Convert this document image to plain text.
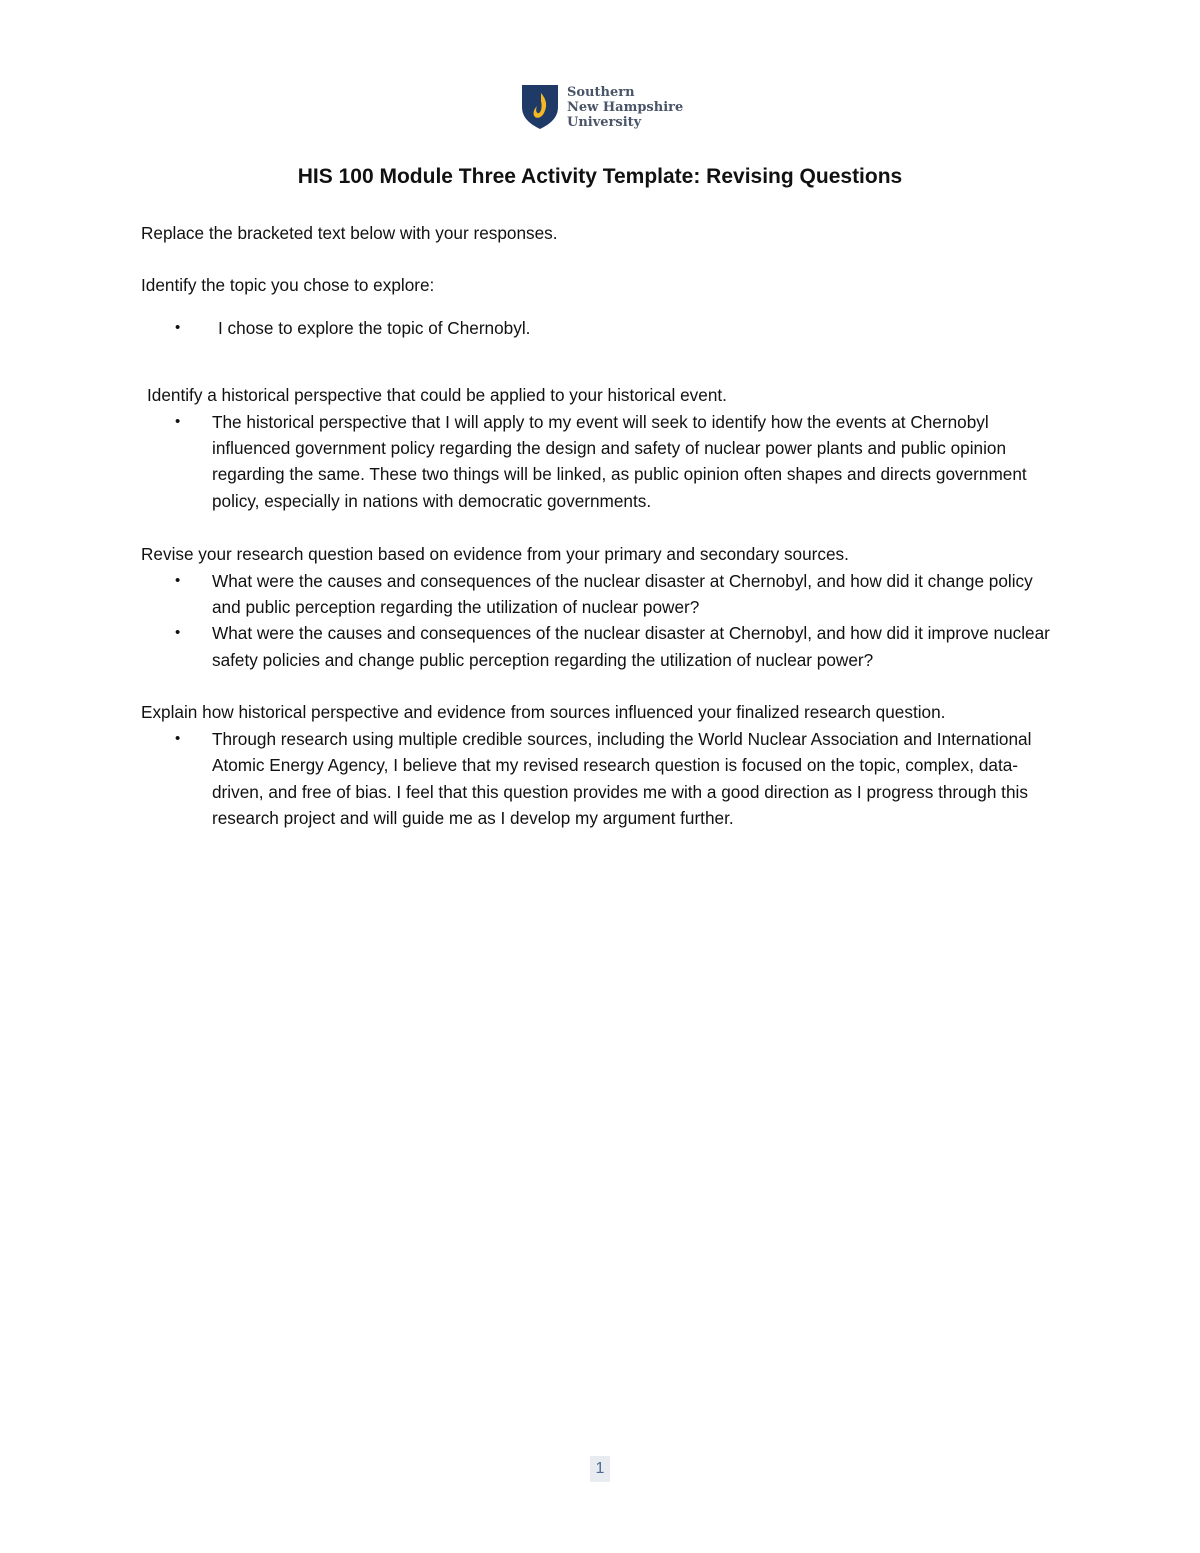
Southern
New Hampshire
University
HIS 100 Module Three Activity Template: Revising Questions

Replace the bracketed text below with your responses.

Identify the topic you chose to explore:

• I chose to explore the topic of Chernobyl.

Identify a historical perspective that could be applied to your historical event.

• The historical perspective that I will apply to my event will seek to identify how the events at Chernobyl influenced government policy regarding the design and safety of nuclear power plants and public opinion regarding the same. These two things will be linked, as public opinion often shapes and directs government policy, especially in nations with democratic governments.

Revise your research question based on evidence from your primary and secondary sources.

• What were the causes and consequences of the nuclear disaster at Chernobyl, and how did it change policy and public perception regarding the utilization of nuclear power?
• What were the causes and consequences of the nuclear disaster at Chernobyl, and how did it improve nuclear safety policies and change public perception regarding the utilization of nuclear power?

Explain how historical perspective and evidence from sources influenced your finalized research question.

• Through research using multiple credible sources, including the World Nuclear Association and International Atomic Energy Agency, I believe that my revised research question is focused on the topic, complex, data-driven, and free of bias. I feel that this question provides me with a good direction as I progress through this research project and will guide me as I develop my argument further.
1
